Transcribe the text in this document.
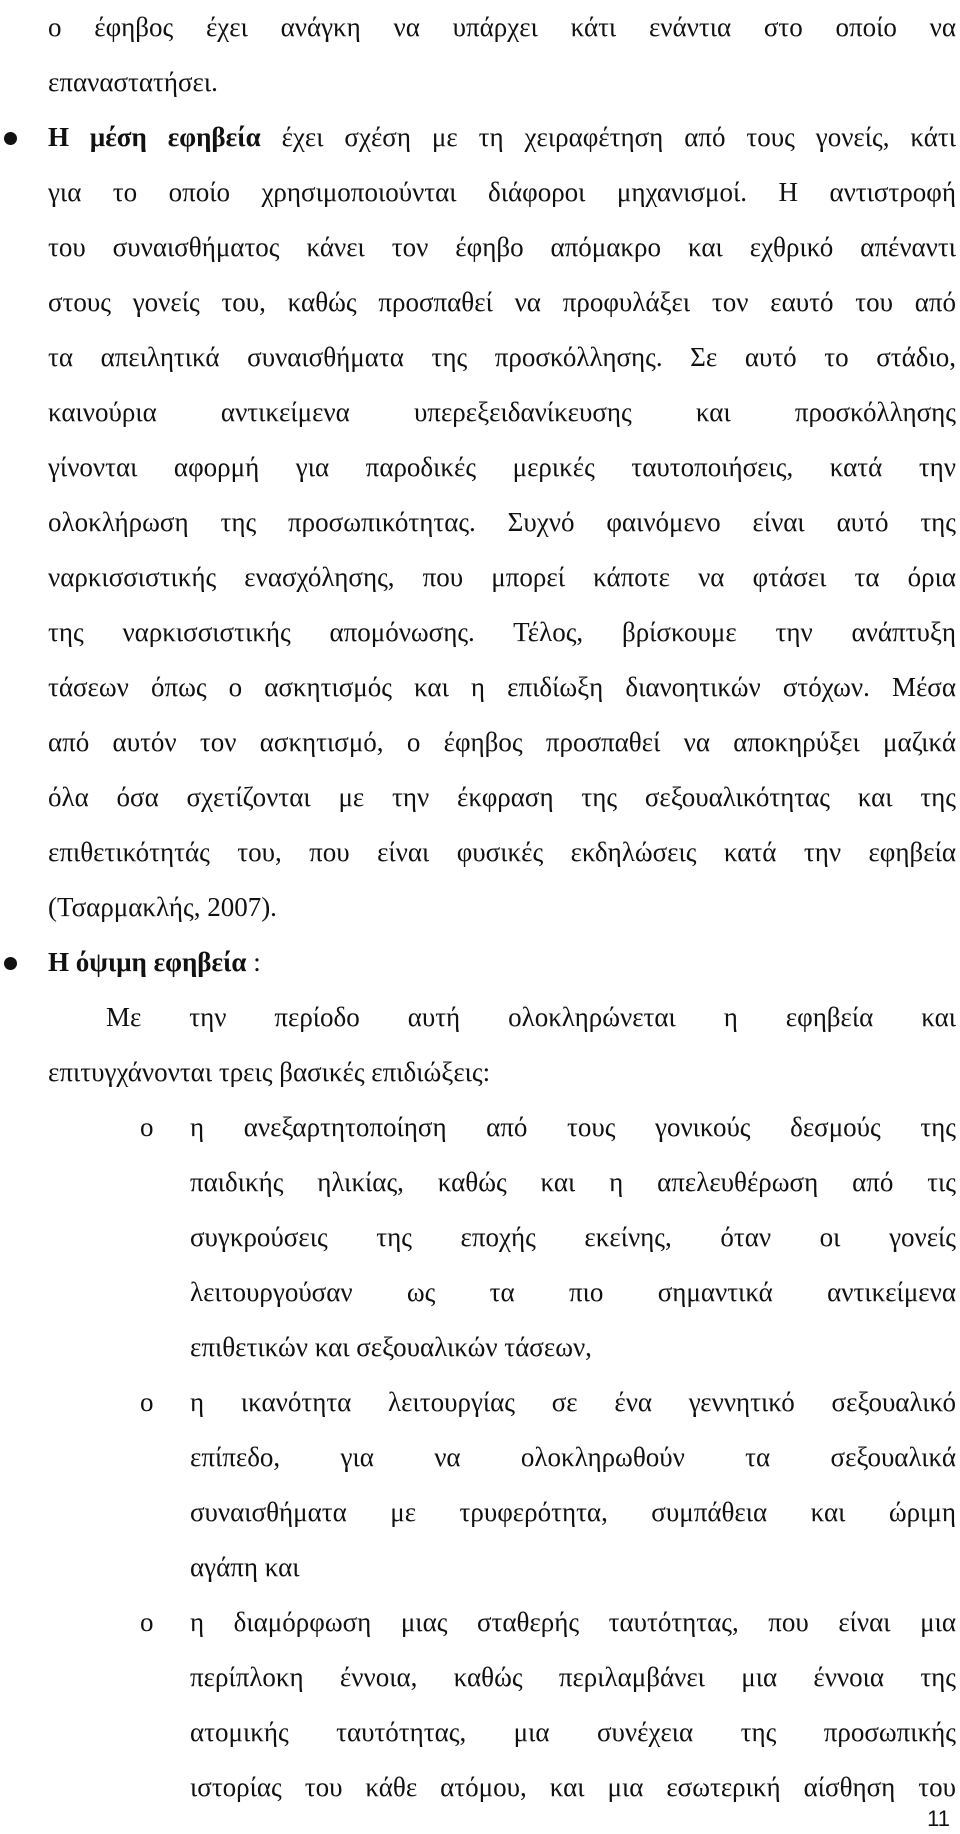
ο έφηβος έχει ανάγκη να υπάρχει κάτι ενάντια στο οποίο να
επαναστατήσει.
Η μέση εφηβεία έχει σχέση με τη χειραφέτηση από τους γονείς, κάτι
για το οποίο χρησιμοποιούνται διάφοροι μηχανισμοί. Η αντιστροφή
του συναισθήματος κάνει τον έφηβο απόμακρο και εχθρικό απέναντι
στους γονείς του, καθώς προσπαθεί να προφυλάξει τον εαυτό του από
τα απειλητικά συναισθήματα της προσκόλλησης. Σε αυτό το στάδιο,
καινούρια αντικείμενα υπερεξειδανίκευσης και προσκόλλησης
γίνονται αφορμή για παροδικές μερικές ταυτοποιήσεις, κατά την
ολοκλήρωση της προσωπικότητας. Συχνό φαινόμενο είναι αυτό της
ναρκισσιστικής ενασχόλησης, που μπορεί κάποτε να φτάσει τα όρια
της ναρκισσιστικής απομόνωσης. Τέλος, βρίσκουμε την ανάπτυξη
τάσεων όπως ο ασκητισμός και η επιδίωξη διανοητικών στόχων. Μέσα
από αυτόν τον ασκητισμό, ο έφηβος προσπαθεί να αποκηρύξει μαζικά
όλα όσα σχετίζονται με την έκφραση της σεξουαλικότητας και της
επιθετικότητάς του, που είναι φυσικές εκδηλώσεις κατά την εφηβεία
(Τσαρμακλής, 2007).
Η όψιμη εφηβεία :
Με την περίοδο αυτή ολοκληρώνεται η εφηβεία και
επιτυγχάνονται τρεις βασικές επιδιώξεις:
o η ανεξαρτητοποίηση από τους γονικούς δεσμούς της
παιδικής ηλικίας, καθώς και η απελευθέρωση από τις
συγκρούσεις της εποχής εκείνης, όταν οι γονείς
λειτουργούσαν ως τα πιο σημαντικά αντικείμενα
επιθετικών και σεξουαλικών τάσεων,
o η ικανότητα λειτουργίας σε ένα γεννητικό σεξουαλικό
επίπεδο, για να ολοκληρωθούν τα σεξουαλικά
συναισθήματα με τρυφερότητα, συμπάθεια και ώριμη
αγάπη και
o η διαμόρφωση μιας σταθερής ταυτότητας, που είναι μια
περίπλοκη έννοια, καθώς περιλαμβάνει μια έννοια της
ατομικής ταυτότητας, μια συνέχεια της προσωπικής
ιστορίας του κάθε ατόμου, και μια εσωτερική αίσθηση του
11
